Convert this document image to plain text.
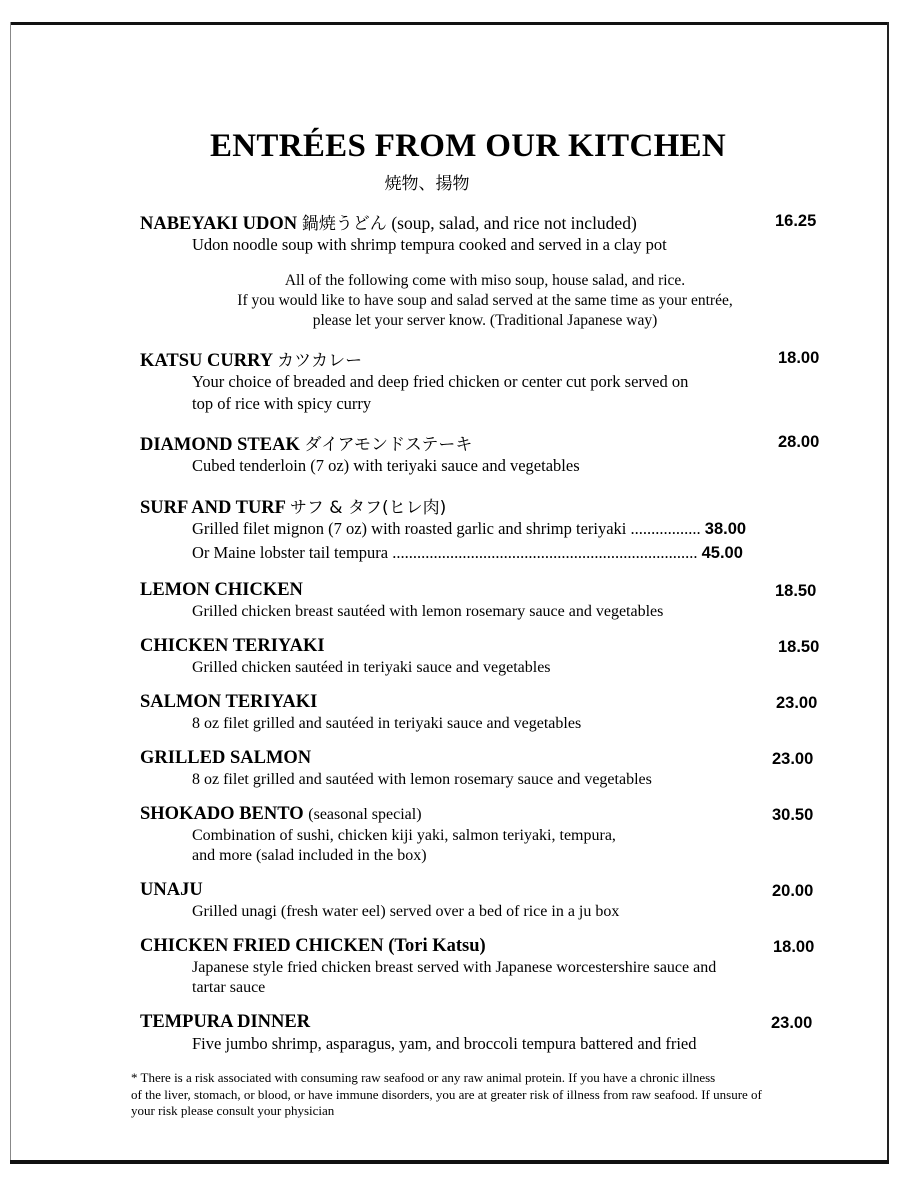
ENTRÉES FROM OUR KITCHEN
焼物、揚物
NABEYAKI UDON 鍋焼うどん (soup, salad, and rice not included)	16.25
Udon noodle soup with shrimp tempura cooked and served in a clay pot
All of the following come with miso soup, house salad, and rice.
If you would like to have soup and salad served at the same time as your entrée,
please let your server know. (Traditional Japanese way)
KATSU CURRY カツカレー	18.00
Your choice of breaded and deep fried chicken or center cut pork served on
top of rice with spicy curry
DIAMOND STEAK ダイアモンドステーキ	28.00
Cubed tenderloin (7 oz) with teriyaki sauce and vegetables
SURF AND TURF サフ & タフ(ヒレ肉)
Grilled filet mignon (7 oz) with roasted garlic and shrimp teriyaki ................. 38.00
Or Maine lobster tail tempura .......................................................................... 45.00
LEMON CHICKEN	18.50
Grilled chicken breast sautéed with lemon rosemary sauce and vegetables
CHICKEN TERIYAKI	18.50
Grilled chicken sautéed in teriyaki sauce and vegetables
SALMON TERIYAKI	23.00
8 oz filet grilled and sautéed in teriyaki sauce and vegetables
GRILLED SALMON	23.00
8 oz filet grilled and sautéed with lemon rosemary sauce and vegetables
SHOKADO BENTO (seasonal special)	30.50
Combination of sushi, chicken kiji yaki, salmon teriyaki, tempura,
and more (salad included in the box)
UNAJU	20.00
Grilled unagi (fresh water eel) served over a bed of rice in a ju box
CHICKEN FRIED CHICKEN (Tori Katsu)	18.00
Japanese style fried chicken breast served with Japanese worcestershire sauce and
tartar sauce
TEMPURA DINNER	23.00
Five jumbo shrimp, asparagus, yam, and broccoli tempura battered and fried
* There is a risk associated with consuming raw seafood or any raw animal protein. If you have a chronic illness
of the liver, stomach, or blood, or have immune disorders, you are at greater risk of illness from raw seafood. If unsure of
your risk please consult your physician
